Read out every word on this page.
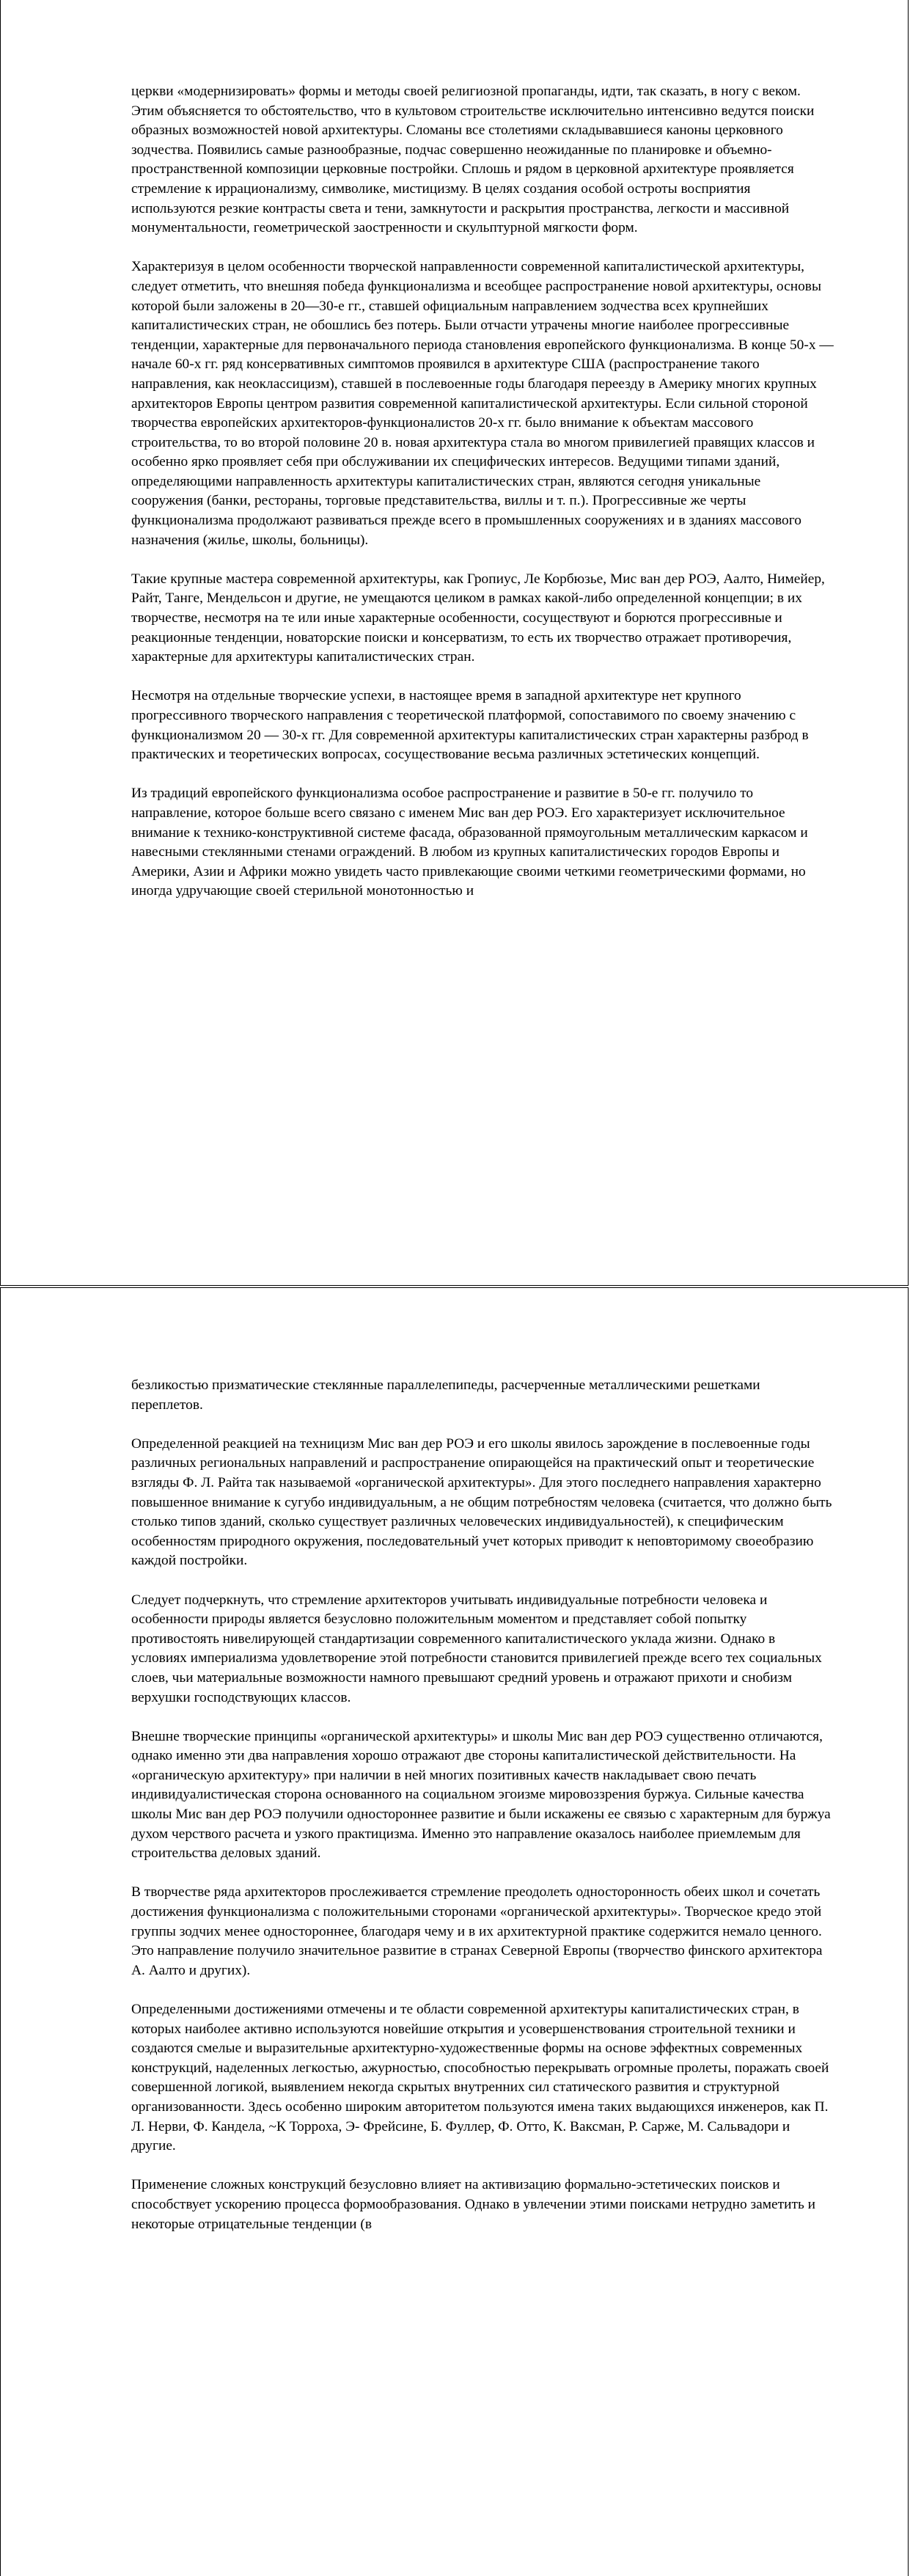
церкви «модернизировать» формы и методы своей религиозной пропаганды, идти, так сказать, в ногу с веком. Этим объясняется то обстоятельство, что в культовом строительстве исключительно интенсивно ведутся поиски образных возможностей новой архитектуры. Сломаны все столетиями складывавшиеся каноны церковного зодчества. Появились самые разнообразные, подчас совершенно неожиданные по планировке и объемно-пространственной композиции церковные постройки. Сплошь и рядом в церковной архитектуре проявляется стремление к иррационализму, символике, мистицизму. В целях создания особой остроты восприятия используются резкие контрасты света и тени, замкнутости и раскрытия пространства, легкости и массивной монументальности, геометрической заостренности и скульптурной мягкости форм.

Характеризуя в целом особенности творческой направленности современной капиталистической архитектуры, следует отметить, что внешняя победа функционализма и всеобщее распространение новой архитектуры, основы которой были заложены в 20—30-е гг., ставшей официальным направлением зодчества всех крупнейших капиталистических стран, не обошлись без потерь. Были отчасти утрачены многие наиболее прогрессивные тенденции, характерные для первоначального периода становления европейского функционализма. В конце 50-х — начале 60-х гг. ряд консервативных симптомов проявился в архитектуре США (распространение такого направления, как неоклассицизм), ставшей в послевоенные годы благодаря переезду в Америку многих крупных архитекторов Европы центром развития современной капиталистической архитектуры. Если сильной стороной творчества европейских архитекторов-функционалистов 20-х гг. было внимание к объектам массового строительства, то во второй половине 20 в. новая архитектура стала во многом привилегией правящих классов и особенно ярко проявляет себя при обслуживании их специфических интересов. Ведущими типами зданий, определяющими направленность архитектуры капиталистических стран, являются сегодня уникальные сооружения (банки, рестораны, торговые представительства, виллы и т. п.). Прогрессивные же черты функционализма продолжают развиваться прежде всего в промышленных сооружениях и в зданиях массового назначения (жилье, школы, больницы).

Такие крупные мастера современной архитектуры, как Гропиус, Ле Корбюзье, Мис ван дер РОЭ, Аалто, Нимейер, Райт, Танге, Мендельсон и другие, не умещаются целиком в рамках какой-либо определенной концепции; в их творчестве, несмотря на те или иные характерные особенности, сосуществуют и борются прогрессивные и реакционные тенденции, новаторские поиски и консерватизм, то есть их творчество отражает противоречия, характерные для архитектуры капиталистических стран.

Несмотря на отдельные творческие успехи, в настоящее время в западной архитектуре нет крупного прогрессивного творческого направления с теоретической платформой, сопоставимого по своему значению с функционализмом 20 — 30-х гг. Для современной архитектуры капиталистических стран характерны разброд в практических и теоретических вопросах, сосуществование весьма различных эстетических концепций.

Из традиций европейского функционализма особое распространение и развитие в 50-е гг. получило то направление, которое больше всего связано с именем Мис ван дер РОЭ. Его характеризует исключительное внимание к технико-конструктивной системе фасада, образованной прямоугольным металлическим каркасом и навесными стеклянными стенами ограждений. В любом из крупных капиталистических городов Европы и Америки, Азии и Африки можно увидеть часто привлекающие своими четкими геометрическими формами, но иногда удручающие своей стерильной монотонностью и

безликостью призматические стеклянные параллелепипеды, расчерченные металлическими решетками переплетов.

Определенной реакцией на техницизм Мис ван дер РОЭ и его школы явилось зарождение в послевоенные годы различных региональных направлений и распространение опирающейся на практический опыт и теоретические взгляды Ф. Л. Райта так называемой «органической архитектуры». Для этого последнего направления характерно повышенное внимание к сугубо индивидуальным, а не общим потребностям человека (считается, что должно быть столько типов зданий, сколько существует различных человеческих индивидуальностей), к специфическим особенностям природного окружения, последовательный учет которых приводит к неповторимому своеобразию каждой постройки.

Следует подчеркнуть, что стремление архитекторов учитывать индивидуальные потребности человека и особенности природы является безусловно положительным моментом и представляет собой попытку противостоять нивелирующей стандартизации современного капиталистического уклада жизни. Однако в условиях империализма удовлетворение этой потребности становится привилегией прежде всего тех социальных слоев, чьи материальные возможности намного превышают средний уровень и отражают прихоти и снобизм верхушки господствующих классов.

Внешне творческие принципы «органической архитектуры» и школы Мис ван дер РОЭ существенно отличаются, однако именно эти два направления хорошо отражают две стороны капиталистической действительности. На «органическую архитектуру» при наличии в ней многих позитивных качеств накладывает свою печать индивидуалистическая сторона основанного на социальном эгоизме мировоззрения буржуа. Сильные качества школы Мис ван дер РОЭ получили одностороннее развитие и были искажены ее связью с характерным для буржуа духом черствого расчета и узкого практицизма. Именно это направление оказалось наиболее приемлемым для строительства деловых зданий.

В творчестве ряда архитекторов прослеживается стремление преодолеть односторонность обеих школ и сочетать достижения функционализма с положительными сторонами «органической архитектуры». Творческое кредо этой группы зодчих менее одностороннее, благодаря чему и в их архитектурной практике содержится немало ценного. Это направление получило значительное развитие в странах Северной Европы (творчество финского архитектора А. Аалто и других).

Определенными достижениями отмечены и те области современной архитектуры капиталистических стран, в которых наиболее активно используются новейшие открытия и усовершенствования строительной техники и создаются смелые и выразительные архитектурно-художественные формы на основе эффектных современных конструкций, наделенных легкостью, ажурностью, способностью перекрывать огромные пролеты, поражать своей совершенной логикой, выявлением некогда скрытых внутренних сил статического развития и структурной организованности. Здесь особенно широким авторитетом пользуются имена таких выдающихся инженеров, как П. Л. Нерви, Ф. Кандела, ~К Торроха, Э- Фрейсине, Б. Фуллер, Ф. Отто, К. Ваксман, Р. Сарже, М. Сальвадори и другие.

Применение сложных конструкций безусловно влияет на активизацию формально-эстетических поисков и способствует ускорению процесса формообразования. Однако в увлечении этими поисками нетрудно заметить и некоторые отрицательные тенденции (в
